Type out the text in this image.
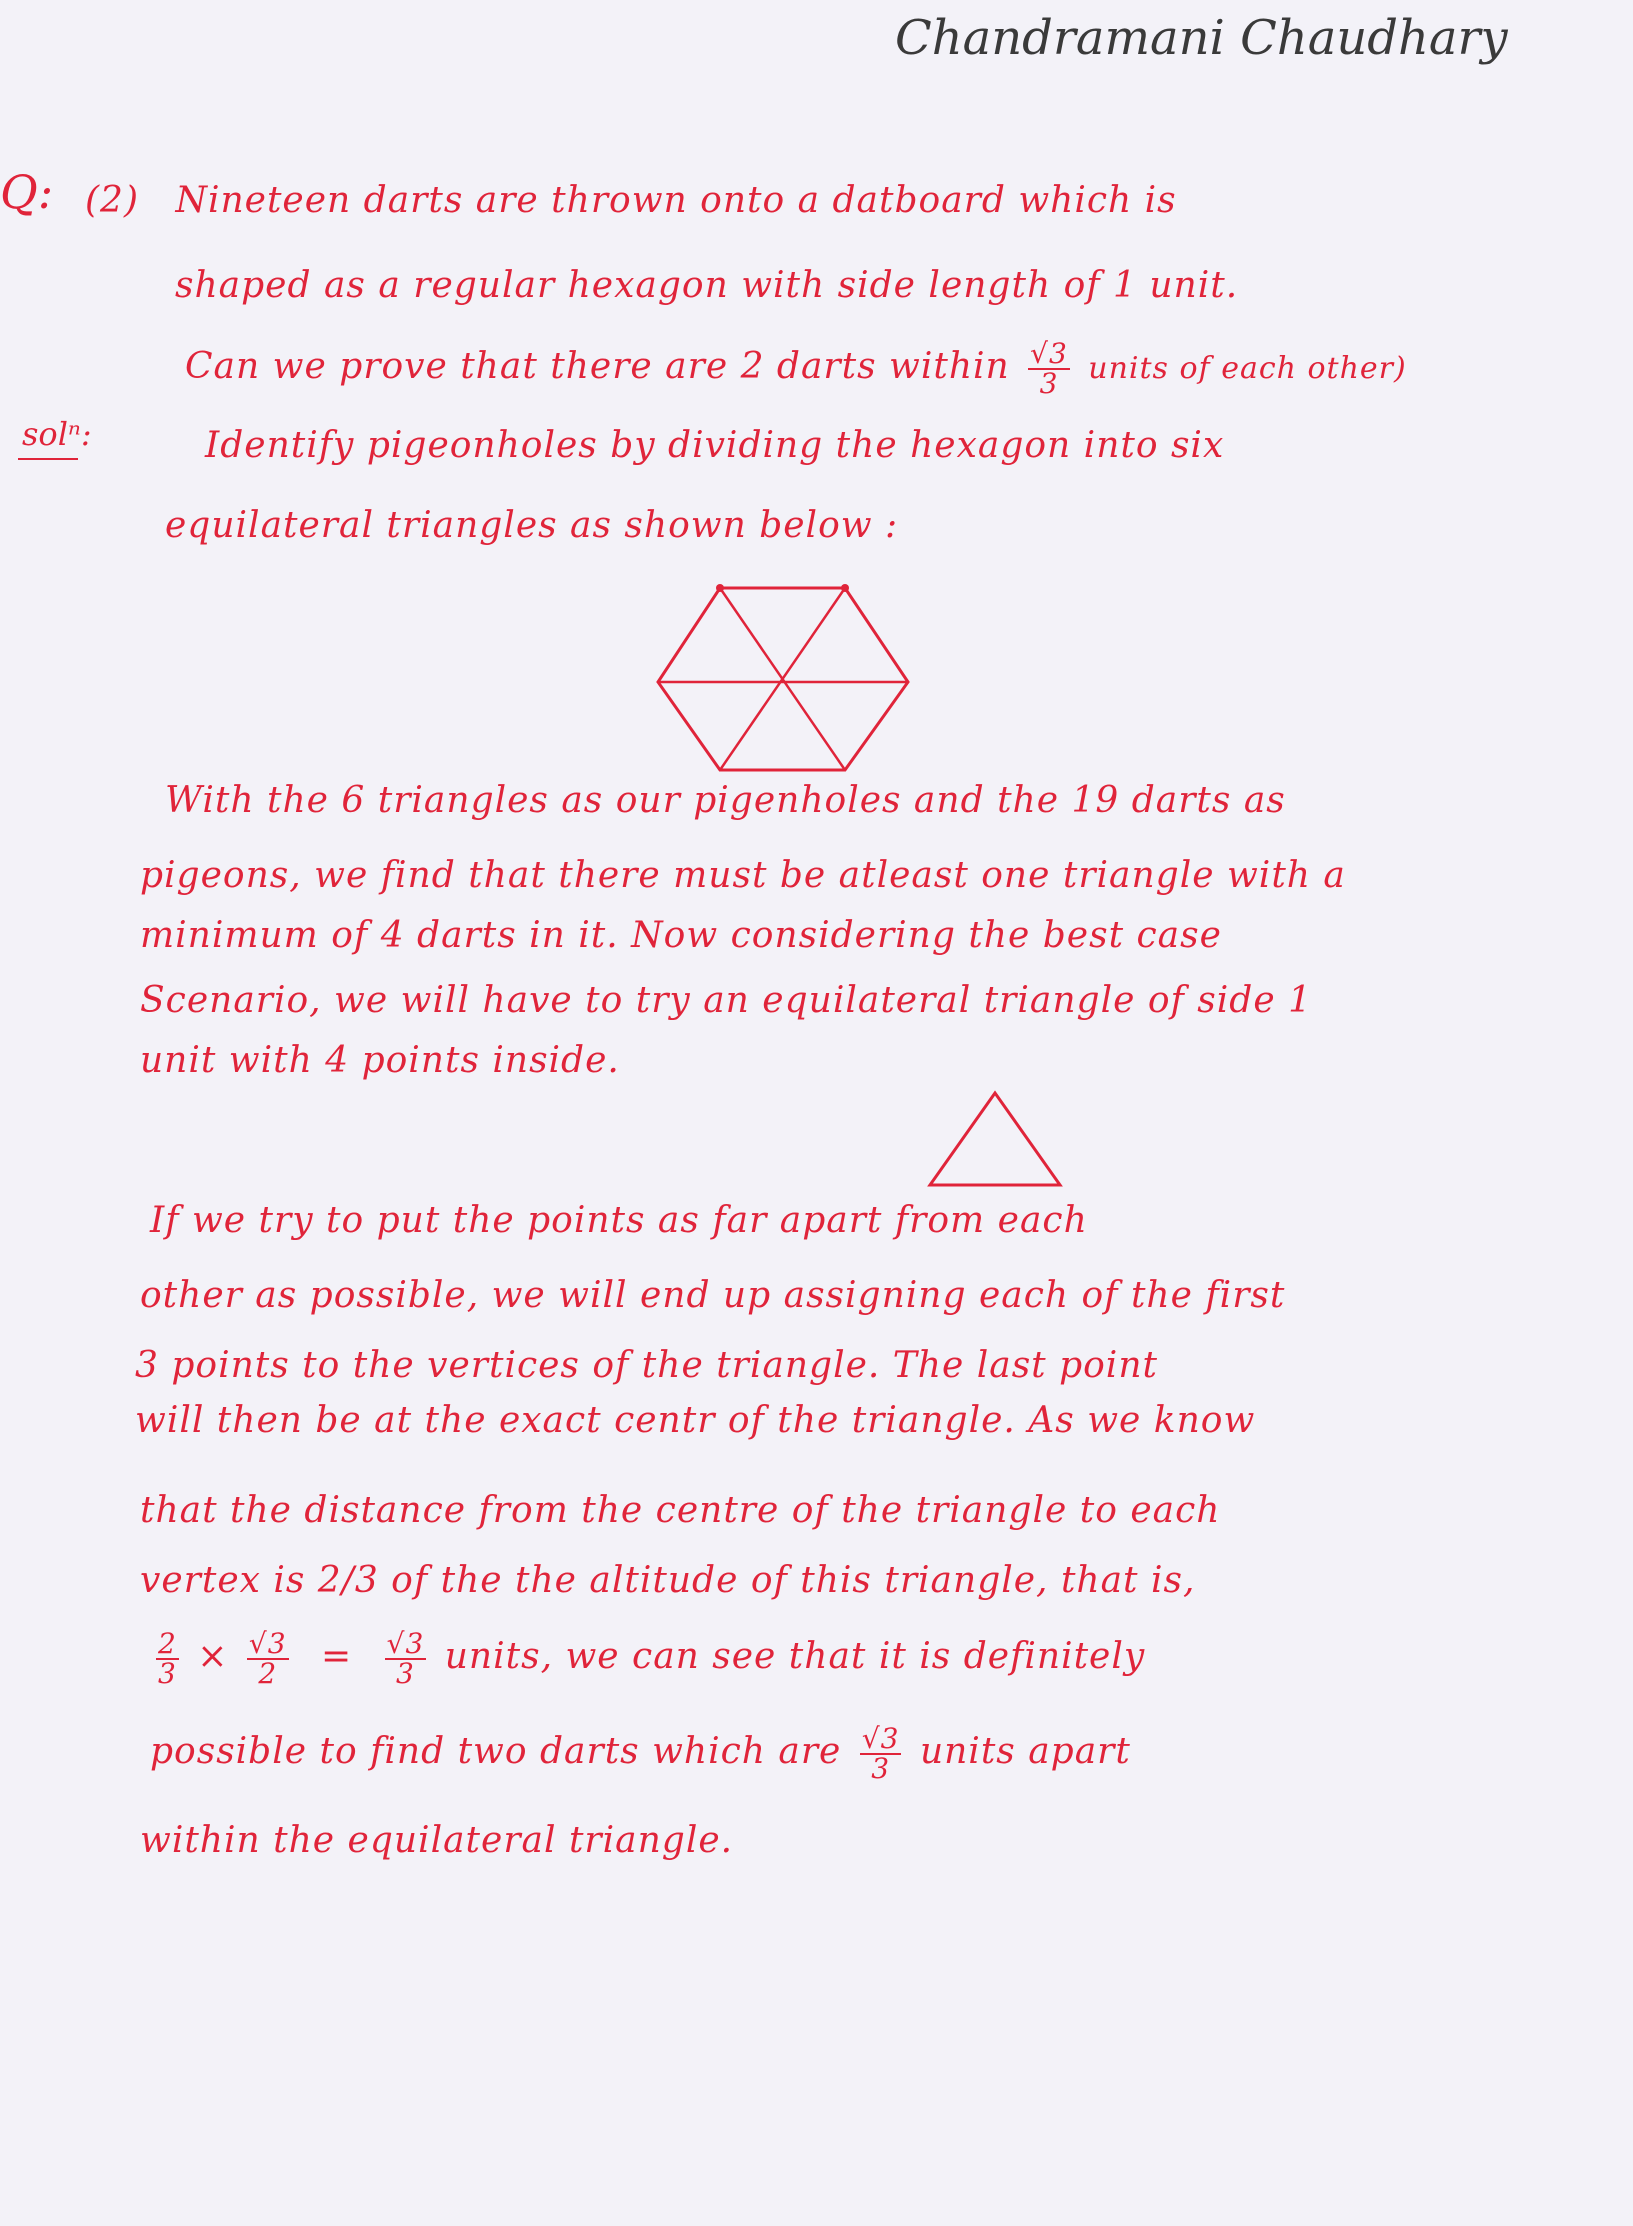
Chandramani Chaudhary
Q: (2) Nineteen darts are thrown onto a datboard which is
shaped as a regular hexagon with side length of 1 unit.
Can we prove that there are 2 darts within $\frac{√3}{3}$ units of each other)
solⁿ:	Identify pigeonholes by dividing the hexagon into six
equilateral triangles as shown below :
With the 6 triangles as our pigenholes and the 19 darts as
pigeons, we find that there must be atleast one triangle with a
minimum of 4 darts in it. Now considering the best case
Scenario, we will have to try an equilateral triangle of side 1
unit with 4 points inside.
If we try to put the points as far apart from each
other as possible, we will end up assigning each of the first
3 points to the vertices of the triangle. The last point
will then be at the exact centr of the triangle. As we know
that the distance from the centre of the triangle to each
vertex is 2/3 of the the altitude of this triangle, that is,
$\frac{2}{3} \times \frac{√3}{2} = \frac{√3}{3}$ units, we can see that it is definitely
possible to find two darts which are $\frac{√3}{3}$ units apart
within the equilateral triangle.
